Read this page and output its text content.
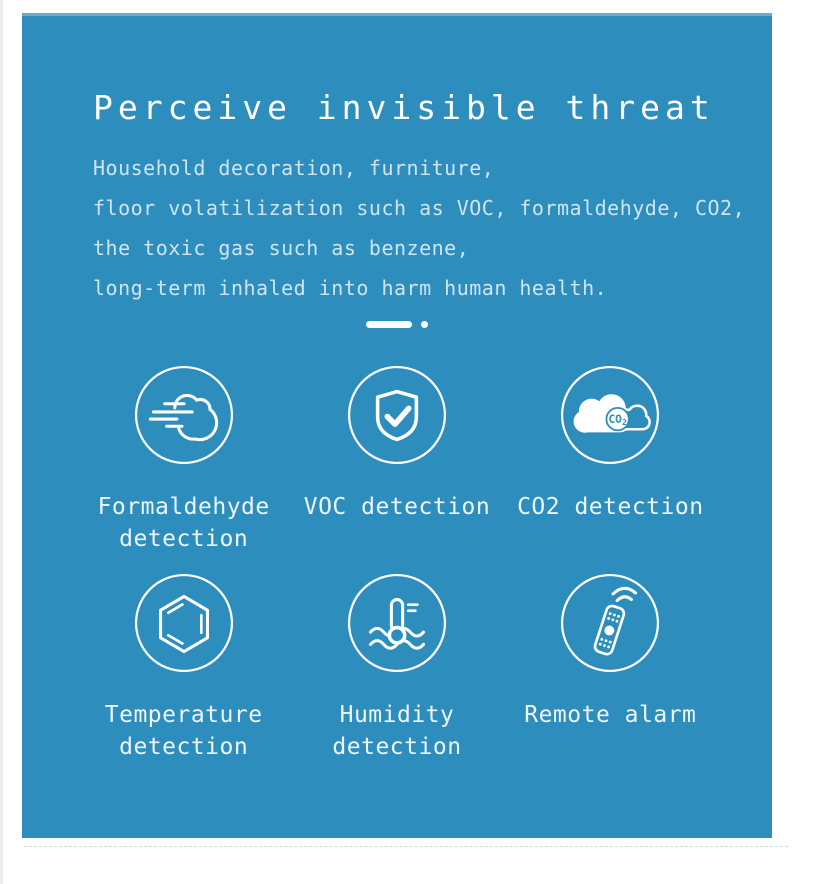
Perceive invisible threat
Household decoration, furniture,
floor volatilization such as VOC, formaldehyde, CO2,
the toxic gas such as benzene,
long-term inhaled into harm human health.
Formaldehyde
detection
VOC detection
CO2
CO2 detection
Temperature
detection
Humidity
detection
Remote alarm
